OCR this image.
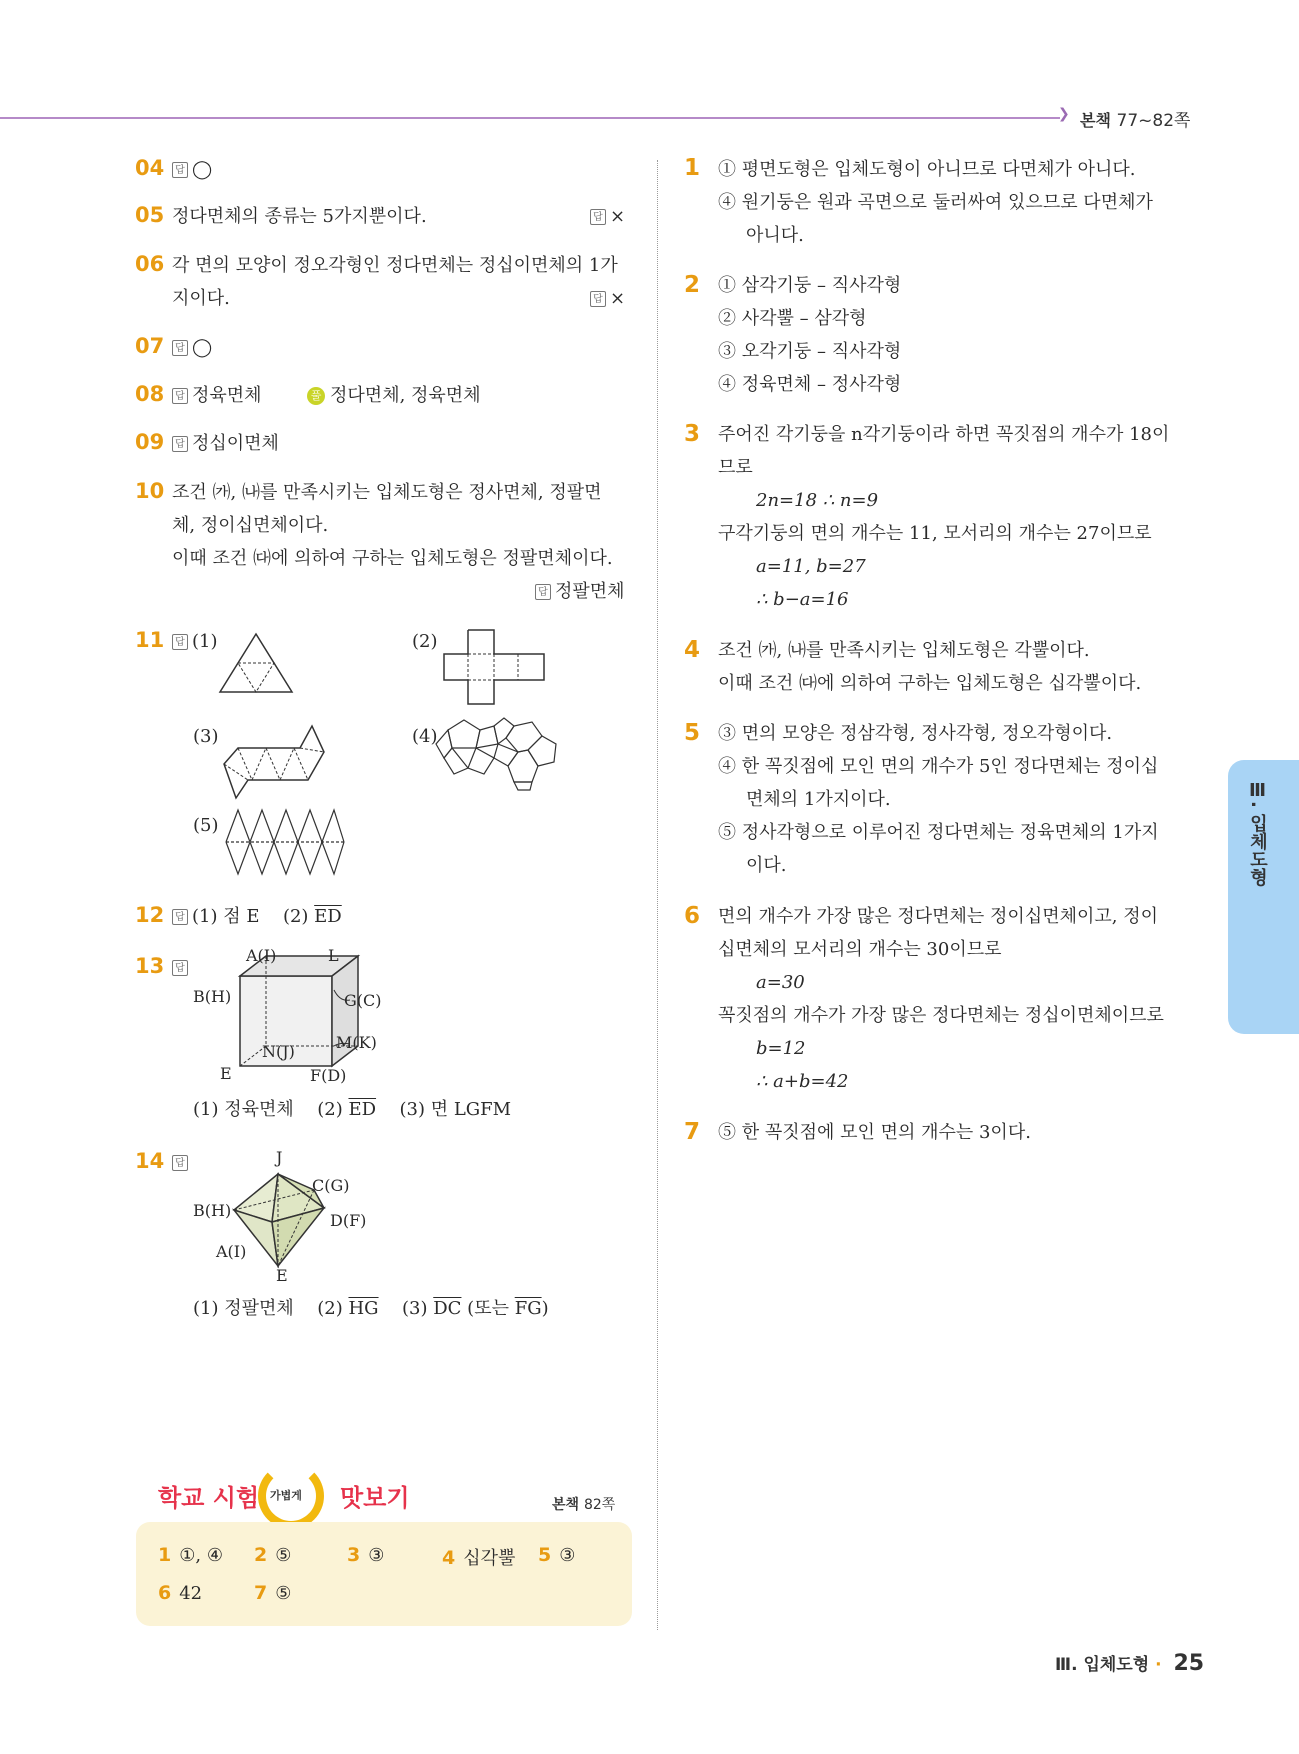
❯ 본책 77~82쪽
04	답 ◯
05 정다면체의 종류는 5가지뿐이다.	답 ×
06 각 면의 모양이 정오각형인 정다면체는 정십이면체의 1가
지이다.	답 ×
07	답 ◯
08	답 정육면체	풀 정다면체, 정육면체
09	답 정십이면체
10 조건 ㈎, ㈏를 만족시키는 입체도형은 정사면체, 정팔면
체, 정이십면체이다.
이때 조건 ㈐에 의하여 구하는 입체도형은 정팔면체이다.
답 정팔면체
11	답 (1)	(2)
(3)	(4)
(5)
12	답 (1) 점 E (2) $\overline{ED}$
13	답
A(I)	L
B(H)	G(C)
N(J)	M(K)
E	F(D)
(1) 정육면체 (2) $\overline{ED}$ (3) 면 LGFM
14	답	J
C(G)
B(H)
D(F)
A(I)
E
(1) 정팔면체 (2) $\overline{HG}$ (3) $\overline{DC}$ (또는 $\overline{FG}$)
학교 시험 가볍게 맛보기	본책 82쪽
1 ①, ④ 2 ⑤	3 ③	4 십각뿔 5 ③
6 42	7 ⑤
1 ① 평면도형은 입체도형이 아니므로 다면체가 아니다.
④ 원기둥은 원과 곡면으로 둘러싸여 있으므로 다면체가
아니다.
2 ① 삼각기둥 – 직사각형
② 사각뿔 – 삼각형
③ 오각기둥 – 직사각형
④ 정육면체 – 정사각형
3 주어진 각기둥을 n각기둥이라 하면 꼭짓점의 개수가 18이
므로
2n=18 ∴ n=9
구각기둥의 면의 개수는 11, 모서리의 개수는 27이므로
a=11, b=27
∴ b−a=16
4 조건 ㈎, ㈏를 만족시키는 입체도형은 각뿔이다.
이때 조건 ㈐에 의하여 구하는 입체도형은 십각뿔이다.
5 ③ 면의 모양은 정삼각형, 정사각형, 정오각형이다.
④ 한 꼭짓점에 모인 면의 개수가 5인 정다면체는 정이십
면체의 1가지이다.
⑤ 정사각형으로 이루어진 정다면체는 정육면체의 1가지
이다.
6 면의 개수가 가장 많은 정다면체는 정이십면체이고, 정이
십면체의 모서리의 개수는 30이므로
a=30
꼭짓점의 개수가 가장 많은 정다면체는 정십이면체이므로
b=12
∴ a+b=42
7 ⑤ 한 꼭짓점에 모인 면의 개수는 3이다.
Ⅲ. 입체도형
Ⅲ. 입체도형 · 25
